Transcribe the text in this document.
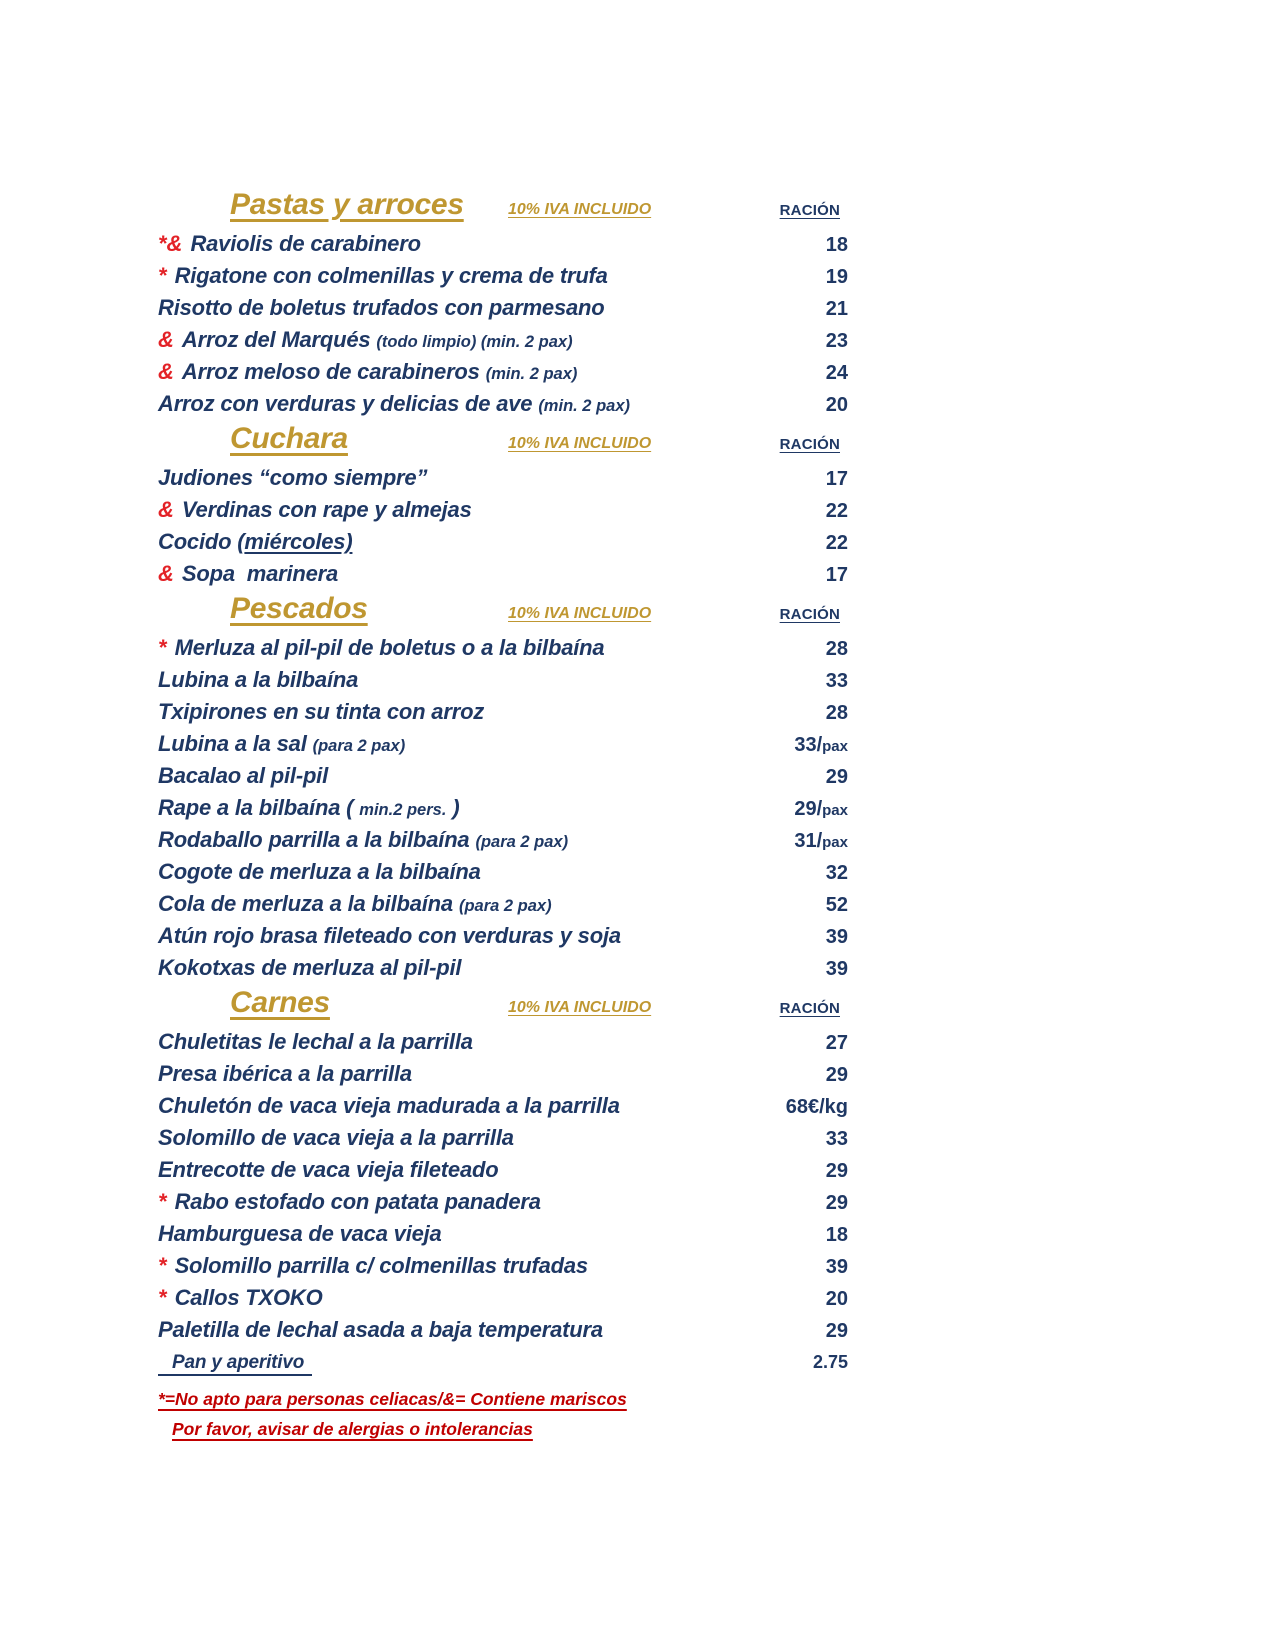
Pastas y arroces	10% IVA INCLUIDO	RACIÓN
*& Raviolis de carabinero	18
* Rigatone con colmenillas y crema de trufa	19
Risotto de boletus trufados con parmesano	21
& Arroz del Marqués (todo limpio) (min. 2 pax)	23
& Arroz meloso de carabineros (min. 2 pax)	24
Arroz con verduras y delicias de ave (min. 2 pax)	20
Cuchara	10% IVA INCLUIDO	RACIÓN
Judiones “como siempre”	17
& Verdinas con rape y almejas	22
Cocido (miércoles)	22
& Sopa  marinera	17
Pescados	10% IVA INCLUIDO	RACIÓN
* Merluza al pil-pil de boletus o a la bilbaína	28
Lubina a la bilbaína	33
Txipirones en su tinta con arroz	28
Lubina a la sal (para 2 pax)	33/pax
Bacalao al pil-pil	29
Rape a la bilbaína ( min.2 pers. )	29/pax
Rodaballo parrilla a la bilbaína (para 2 pax)	31/pax
Cogote de merluza a la bilbaína	32
Cola de merluza a la bilbaína (para 2 pax)	52
Atún rojo brasa fileteado con verduras y soja	39
Kokotxas de merluza al pil-pil	39
Carnes	10% IVA INCLUIDO	RACIÓN
Chuletitas le lechal a la parrilla	27
Presa ibérica a la parrilla	29
Chuletón de vaca vieja madurada a la parrilla	68€/kg
Solomillo de vaca vieja a la parrilla	33
Entrecotte de vaca vieja fileteado	29
* Rabo estofado con patata panadera	29
Hamburguesa de vaca vieja	18
* Solomillo parrilla c/ colmenillas trufadas	39
* Callos TXOKO	20
Paletilla de lechal asada a baja temperatura	29
Pan y aperitivo	2.75
*=No apto para personas celiacas/&= Contiene mariscos
Por favor, avisar de alergias o intolerancias
